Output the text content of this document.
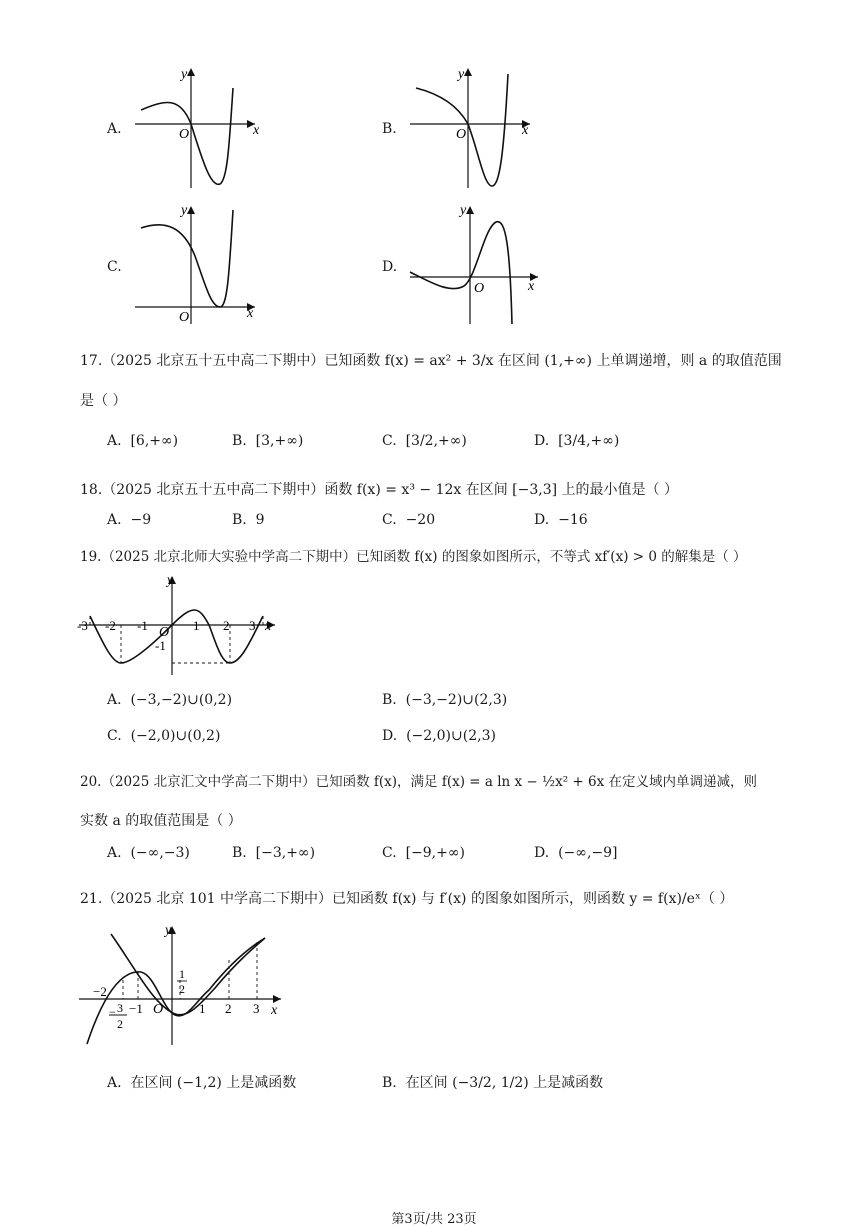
A.	x
y
O	B.	x
y
O
C.
x
y
O
D.
x
y
O
17.（2025 北京五十五中高二下期中）已知函数 f(x) = ax² + 3/x 在区间 (1,+∞) 上单调递增，则 a 的取值范围
是（ ）
A. [6,+∞)	B. [3,+∞)	C. [3/2,+∞)	D. [3/4,+∞)
18.（2025 北京五十五中高二下期中）函数 f(x) = x³ − 12x 在区间 [−3,3] 上的最小值是（ ）
A. −9	B. 9	C. −20	D. −16
19.（2025 北京北师大实验中学高二下期中）已知函数 f(x) 的图象如图所示，不等式 xf′(x) > 0 的解集是（ ）
y
x
O
-3 -2 -1	1 2 3
-1
A. (−3,−2)∪(0,2)	B. (−3,−2)∪(2,3)
C. (−2,0)∪(0,2)	D. (−2,0)∪(2,3)
20.（2025 北京汇文中学高二下期中）已知函数 f(x)，满足 f(x) = a ln x − ½x² + 6x 在定义域内单调递减，则
实数 a 的取值范围是（ ）
A. (−∞,−3)	B. [−3,+∞)	C. [−9,+∞)	D. (−∞,−9]
21.（2025 北京 101 中学高二下期中）已知函数 f(x) 与 f′(x) 的图象如图所示，则函数 y = f(x)/eˣ（ ）
y
x
O
−2
3
−
2
−1
1
2
1 2 3
A. 在区间 (−1,2) 上是减函数	B. 在区间 (−3/2, 1/2) 上是减函数
第3页/共 23页
